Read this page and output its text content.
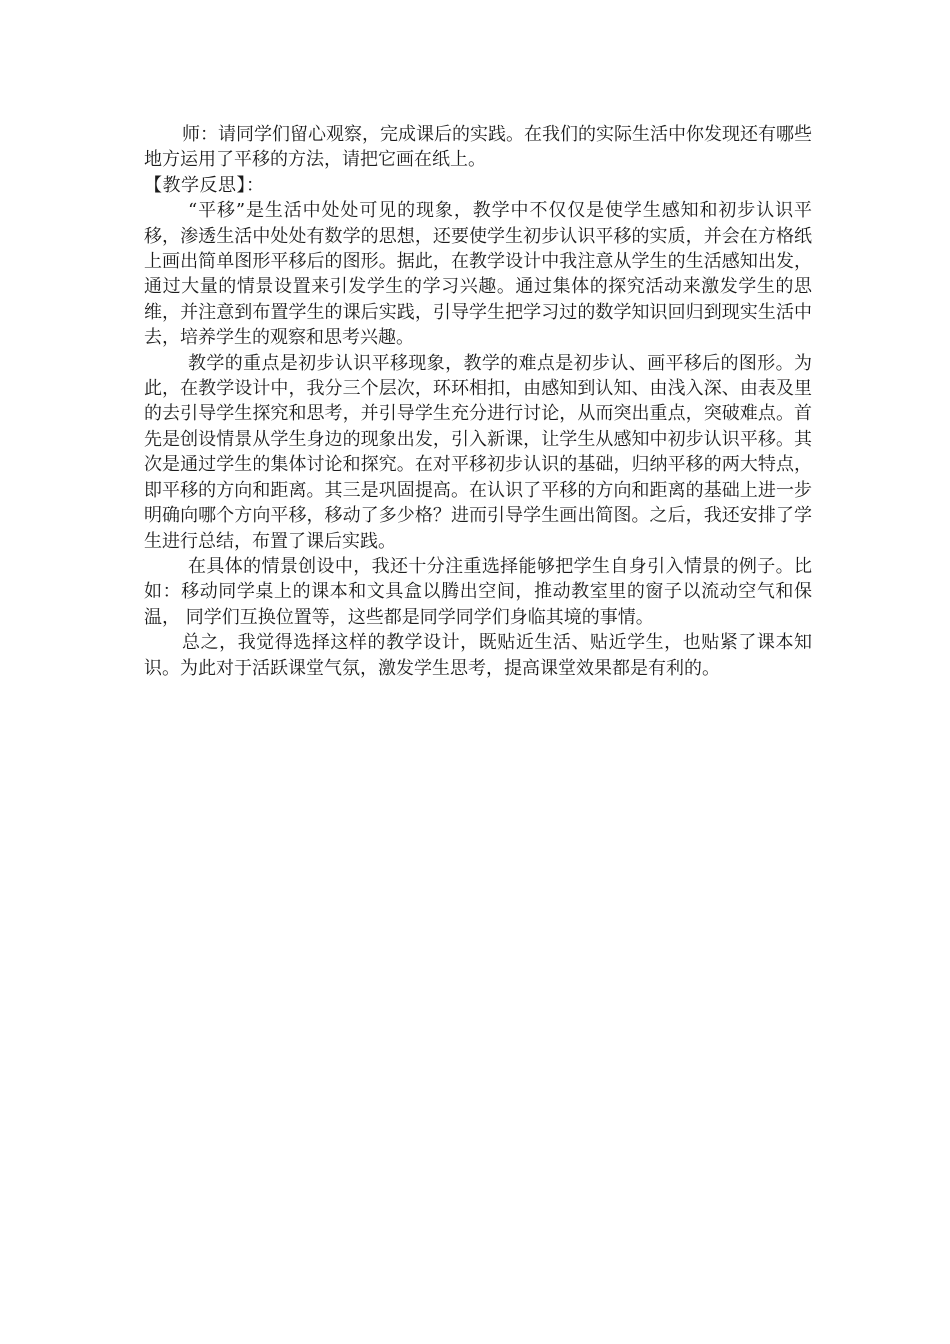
师：请同学们留心观察，完成课后的实践。在我们的实际生活中你发现还有哪些地方运用了平移的方法，请把它画在纸上。

【教学反思】：

“平移”是生活中处处可见的现象，教学中不仅仅是使学生感知和初步认识平移，渗透生活中处处有数学的思想，还要使学生初步认识平移的实质，并会在方格纸上画出简单图形平移后的图形。据此，在教学设计中我注意从学生的生活感知出发，通过大量的情景设置来引发学生的学习兴趣。通过集体的探究活动来激发学生的思维，并注意到布置学生的课后实践，引导学生把学习过的数学知识回归到现实生活中去，培养学生的观察和思考兴趣。

教学的重点是初步认识平移现象，教学的难点是初步认、画平移后的图形。为此，在教学设计中，我分三个层次，环环相扣，由感知到认知、由浅入深、由表及里的去引导学生探究和思考，并引导学生充分进行讨论，从而突出重点，突破难点。首先是创设情景从学生身边的现象出发，引入新课，让学生从感知中初步认识平移。其次是通过学生的集体讨论和探究。在对平移初步认识的基础，归纳平移的两大特点，即平移的方向和距离。其三是巩固提高。在认识了平移的方向和距离的基础上进一步明确向哪个方向平移，移动了多少格？进而引导学生画出简图。之后，我还安排了学生进行总结，布置了课后实践。

在具体的情景创设中，我还十分注重选择能够把学生自身引入情景的例子。比如：移动同学桌上的课本和文具盒以腾出空间，推动教室里的窗子以流动空气和保温， 同学们互换位置等，这些都是同学同学们身临其境的事情。

总之，我觉得选择这样的教学设计，既贴近生活、贴近学生，也贴紧了课本知识。为此对于活跃课堂气氛，激发学生思考，提高课堂效果都是有利的。
